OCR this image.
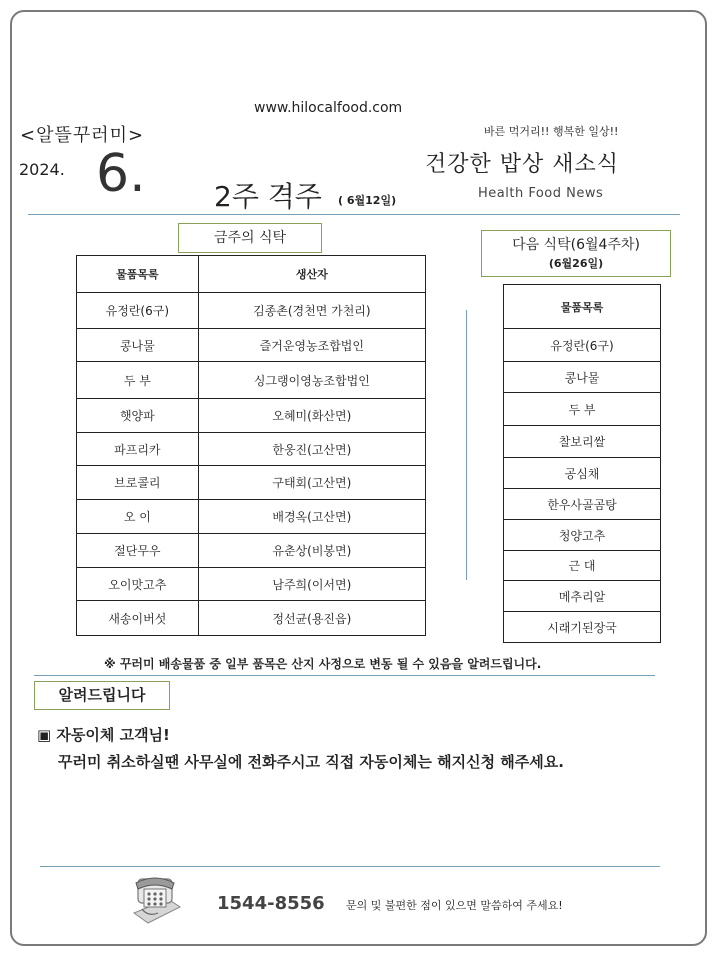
www.hilocalfood.com
<알뜰꾸러미>
2024. 6. 2주 격주 ( 6월12일)
바른 먹거리!! 행복한 일상!!
건강한 밥상 새소식
Health Food News
금주의 식탁
물품목록	생산자
유정란(6구)	김종촌(경천면 가천리)
콩나물	즐거운영농조합법인
두 부	싱그랭이영농조합법인
햇양파	오혜미(화산면)
파프리카	한웅진(고산면)
브로콜리	구태회(고산면)
오 이	배경옥(고산면)
절단무우	유춘상(비봉면)
오이맛고추	남주희(이서면)
새송이버섯	정선균(용진읍)
다음 식탁(6월4주차)
(6월26일)
물품목록
유정란(6구)
콩나물
두 부
찰보리쌀
공심채
한우사골곰탕
청양고추
근 대
메추리알
시래기된장국
※ 꾸러미 배송물품 중 일부 품목은 산지 사정으로 변동 될 수 있음을 알려드립니다.
알려드립니다
▣ 자동이체 고객님!
꾸러미 취소하실땐 사무실에 전화주시고 직접 자동이체는 해지신청 해주세요.
1544-8556 문의 및 불편한 점이 있으면 말씀하여 주세요!
